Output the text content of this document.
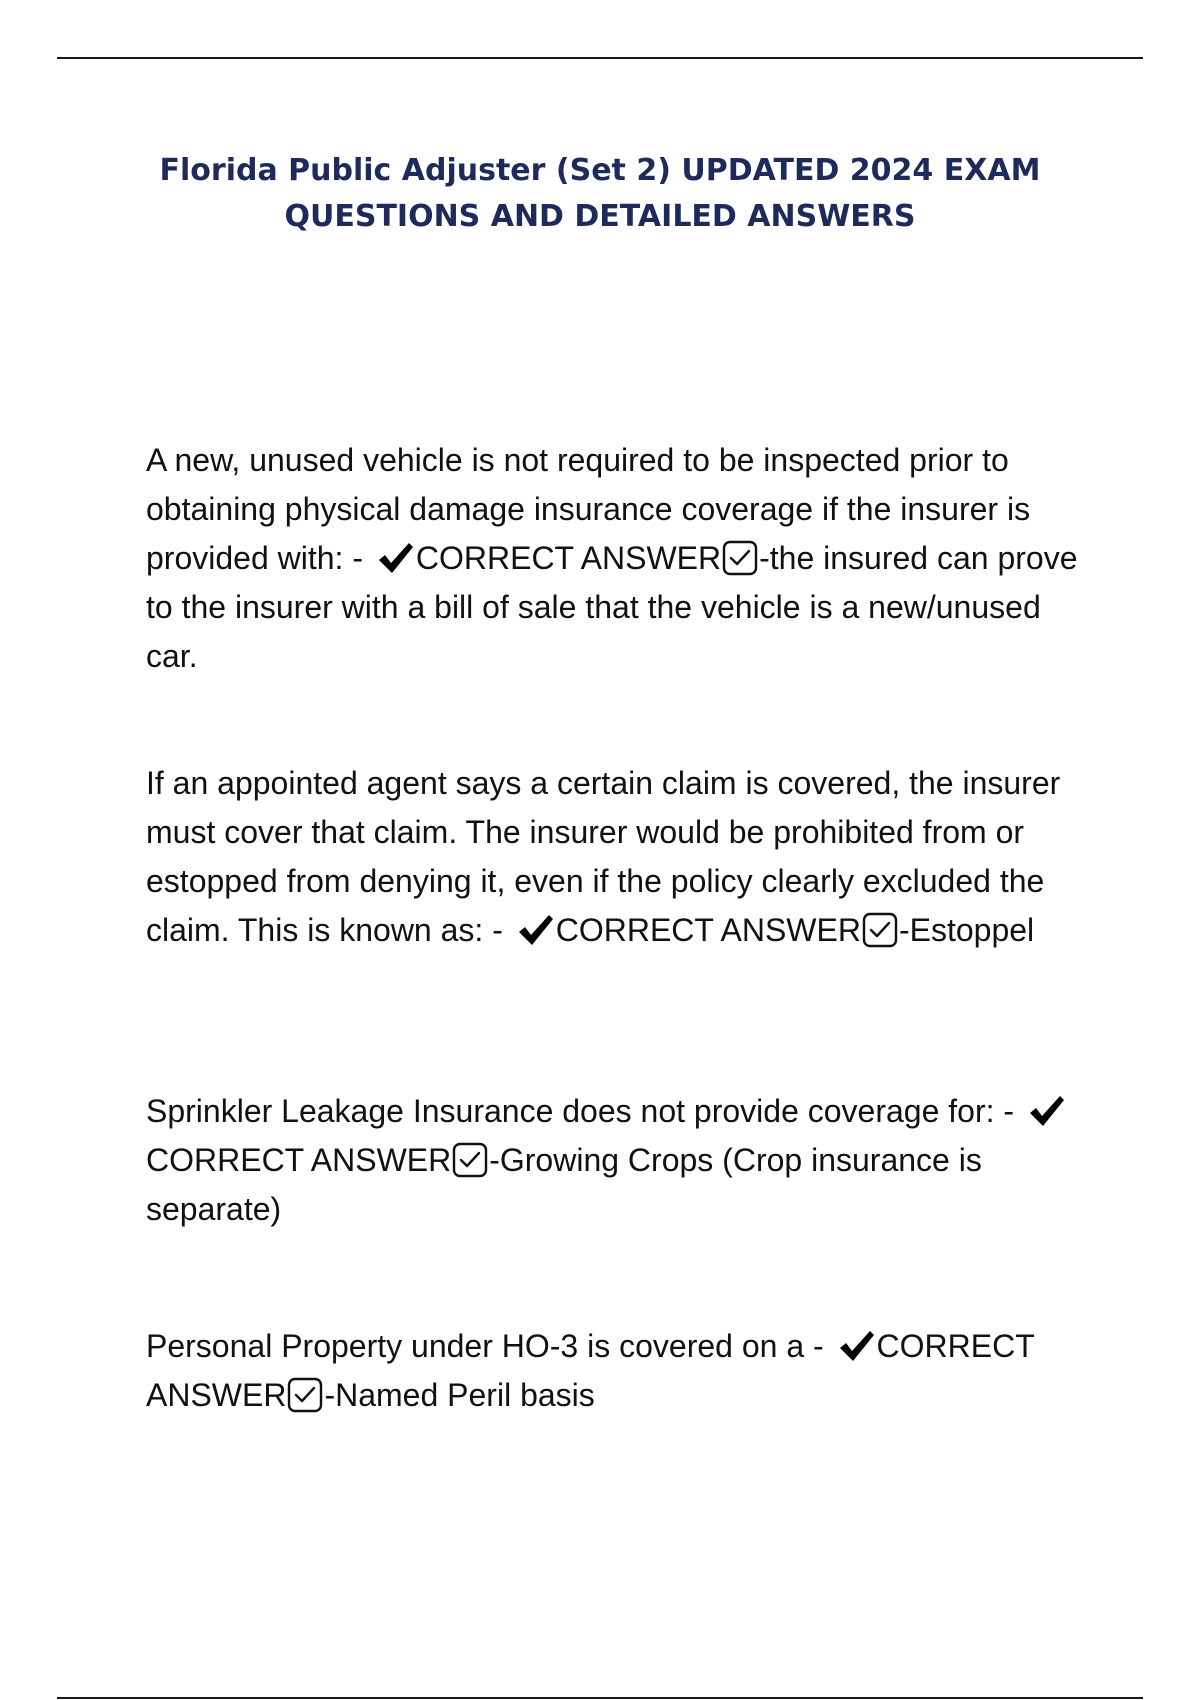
Florida Public Adjuster (Set 2) UPDATED 2024 EXAM QUESTIONS AND DETAILED ANSWERS

A new, unused vehicle is not required to be inspected prior to obtaining physical damage insurance coverage if the insurer is provided with: - CORRECT ANSWER -the insured can prove to the insurer with a bill of sale that the vehicle is a new/unused car.

If an appointed agent says a certain claim is covered, the insurer must cover that claim. The insurer would be prohibited from or estopped from denying it, even if the policy clearly excluded the claim. This is known as: - CORRECT ANSWER -Estoppel

Sprinkler Leakage Insurance does not provide coverage for: - CORRECT ANSWER -Growing Crops (Crop insurance is separate)

Personal Property under HO-3 is covered on a - CORRECT ANSWER -Named Peril basis
